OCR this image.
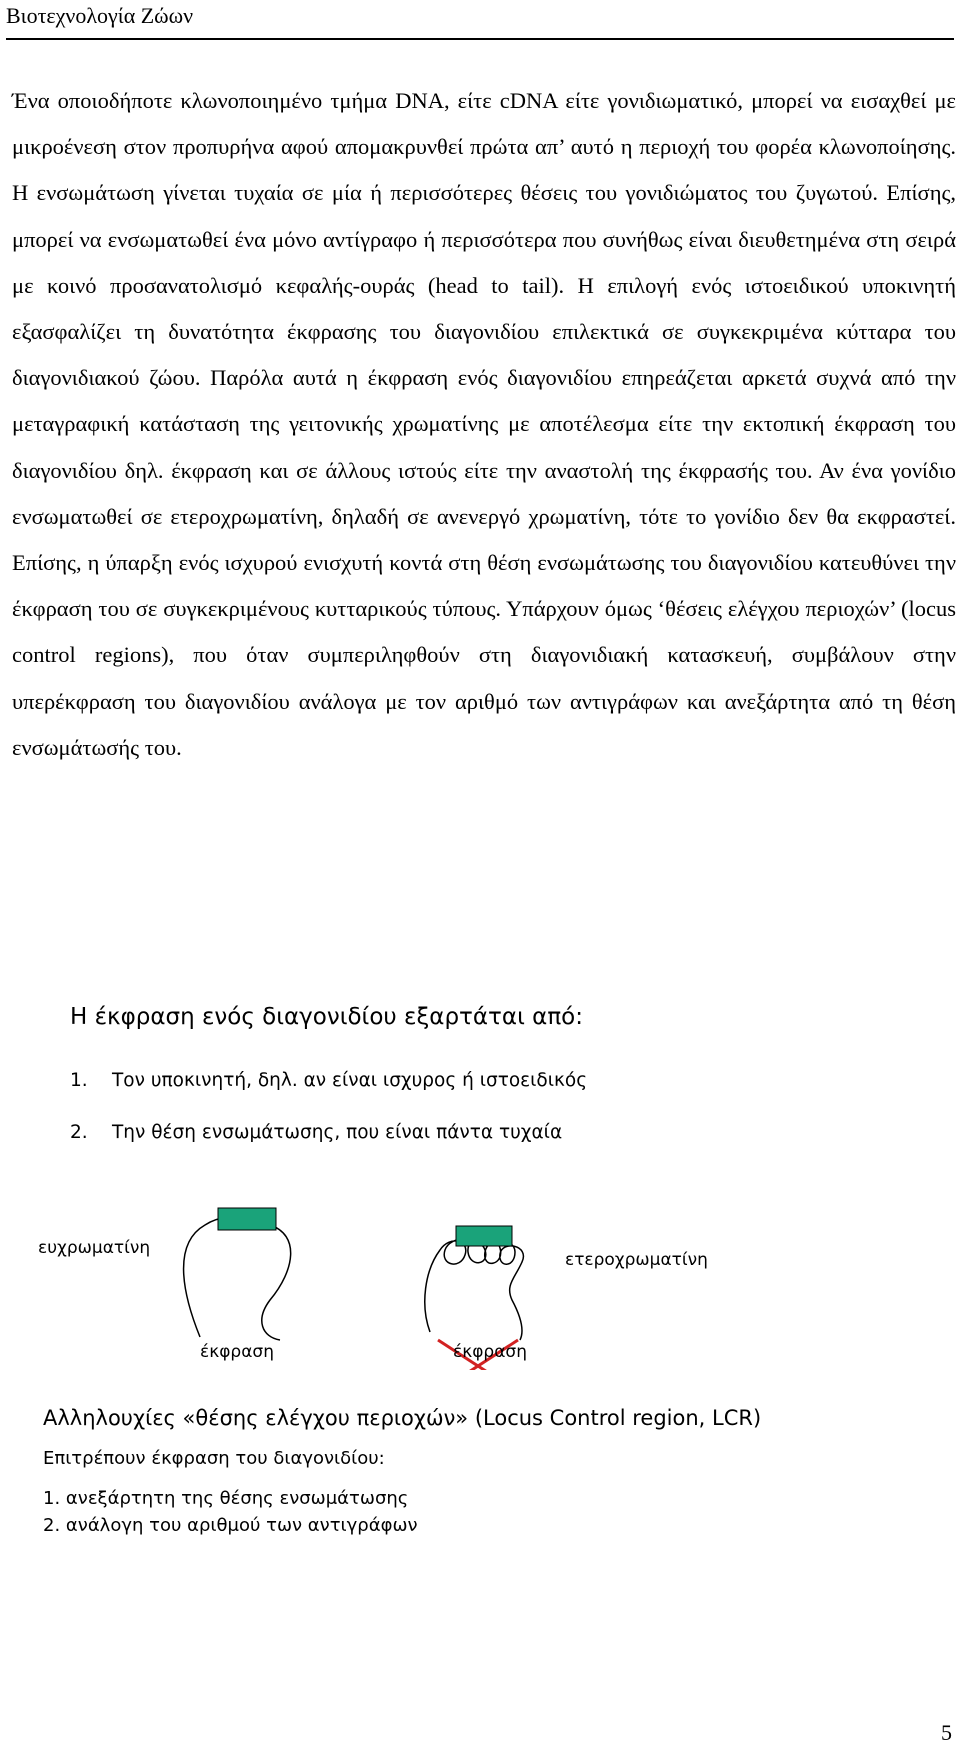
Βιοτεχνολογία Ζώων
Ένα οποιοδήποτε κλωνοποιημένο τμήμα DNA, είτε cDNA είτε γονιδιωματικό, μπορεί να εισαχθεί με μικροένεση στον προπυρήνα αφού απομακρυνθεί πρώτα απ’ αυτό η περιοχή του φορέα κλωνοποίησης. Η ενσωμάτωση γίνεται τυχαία σε μία ή περισσότερες θέσεις του γονιδιώματος του ζυγωτού. Επίσης, μπορεί να ενσωματωθεί ένα μόνο αντίγραφο ή περισσότερα που συνήθως είναι διευθετημένα στη σειρά με κοινό προσανατολισμό κεφαλής-ουράς (head to tail). Η επιλογή ενός ιστοειδικού υποκινητή εξασφαλίζει τη δυνατότητα έκφρασης του διαγονιδίου επιλεκτικά σε συγκεκριμένα κύτταρα του διαγονιδιακού ζώου. Παρόλα αυτά η έκφραση ενός διαγονιδίου επηρεάζεται αρκετά συχνά από την μεταγραφική κατάσταση της γειτονικής χρωματίνης με αποτέλεσμα είτε την εκτοπική έκφραση του διαγονιδίου δηλ. έκφραση και σε άλλους ιστούς είτε την αναστολή της έκφρασής του. Αν ένα γονίδιο ενσωματωθεί σε ετεροχρωματίνη, δηλαδή σε ανενεργό χρωματίνη, τότε το γονίδιο δεν θα εκφραστεί. Επίσης, η ύπαρξη ενός ισχυρού ενισχυτή κοντά στη θέση ενσωμάτωσης του διαγονιδίου κατευθύνει την έκφραση του σε συγκεκριμένους κυτταρικούς τύπους. Υπάρχουν όμως ‘θέσεις ελέγχου περιοχών’ (locus control regions), που όταν συμπεριληφθούν στη διαγονιδιακή κατασκευή, συμβάλουν στην υπερέκφραση του διαγονιδίου ανάλογα με τον αριθμό των αντιγράφων και ανεξάρτητα από τη θέση ενσωμάτωσής του.
Η έκφραση ενός διαγονιδίου εξαρτάται από:
1. Τον υποκινητή, δηλ. αν είναι ισχυρος ή ιστοειδικός
2. Την θέση ενσωμάτωσης, που είναι πάντα τυχαία
ευχρωματίνη
ετεροχρωματίνη
έκφραση	έκφραση
Αλληλουχίες «θέσης ελέγχου περιοχών» (Locus Control region, LCR)
Επιτρέπουν έκφραση του διαγονιδίου:
1. ανεξάρτητη της θέσης ενσωμάτωσης
2. ανάλογη του αριθμού των αντιγράφων
5
